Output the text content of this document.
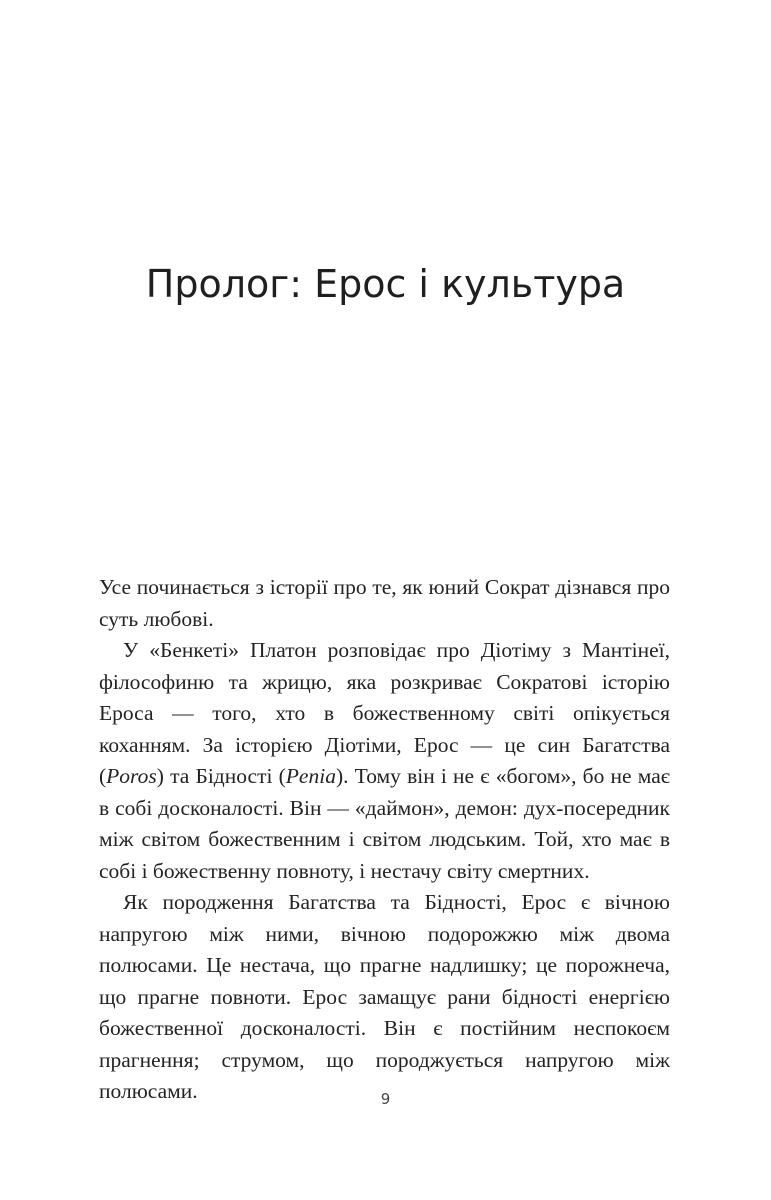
Пролог: Ерос і культура

Усе починається з історії про те, як юний Сократ дізнався про суть любові.

У «Бенкеті» Платон розповідає про Діотіму з Мантінеї, філософиню та жрицю, яка розкриває Сократові історію Ероса — того, хто в божественному світі опікується коханням. За історією Діотіми, Ерос — це син Багатства (Poros) та Бідності (Penia). Тому він і не є «богом», бо не має в собі досконалості. Він — «даймон», демон: дух-посередник між світом божественним і світом людським. Той, хто має в собі і божественну повноту, і нестачу світу смертних.

Як породження Багатства та Бідності, Ерос є вічною напругою між ними, вічною подорожжю між двома полюсами. Це нестача, що прагне надлишку; це порожнеча, що прагне повноти. Ерос замащує рани бідності енергією божественної досконалості. Він є постійним неспокоєм прагнення; струмом, що породжується напругою між полюсами.	9
